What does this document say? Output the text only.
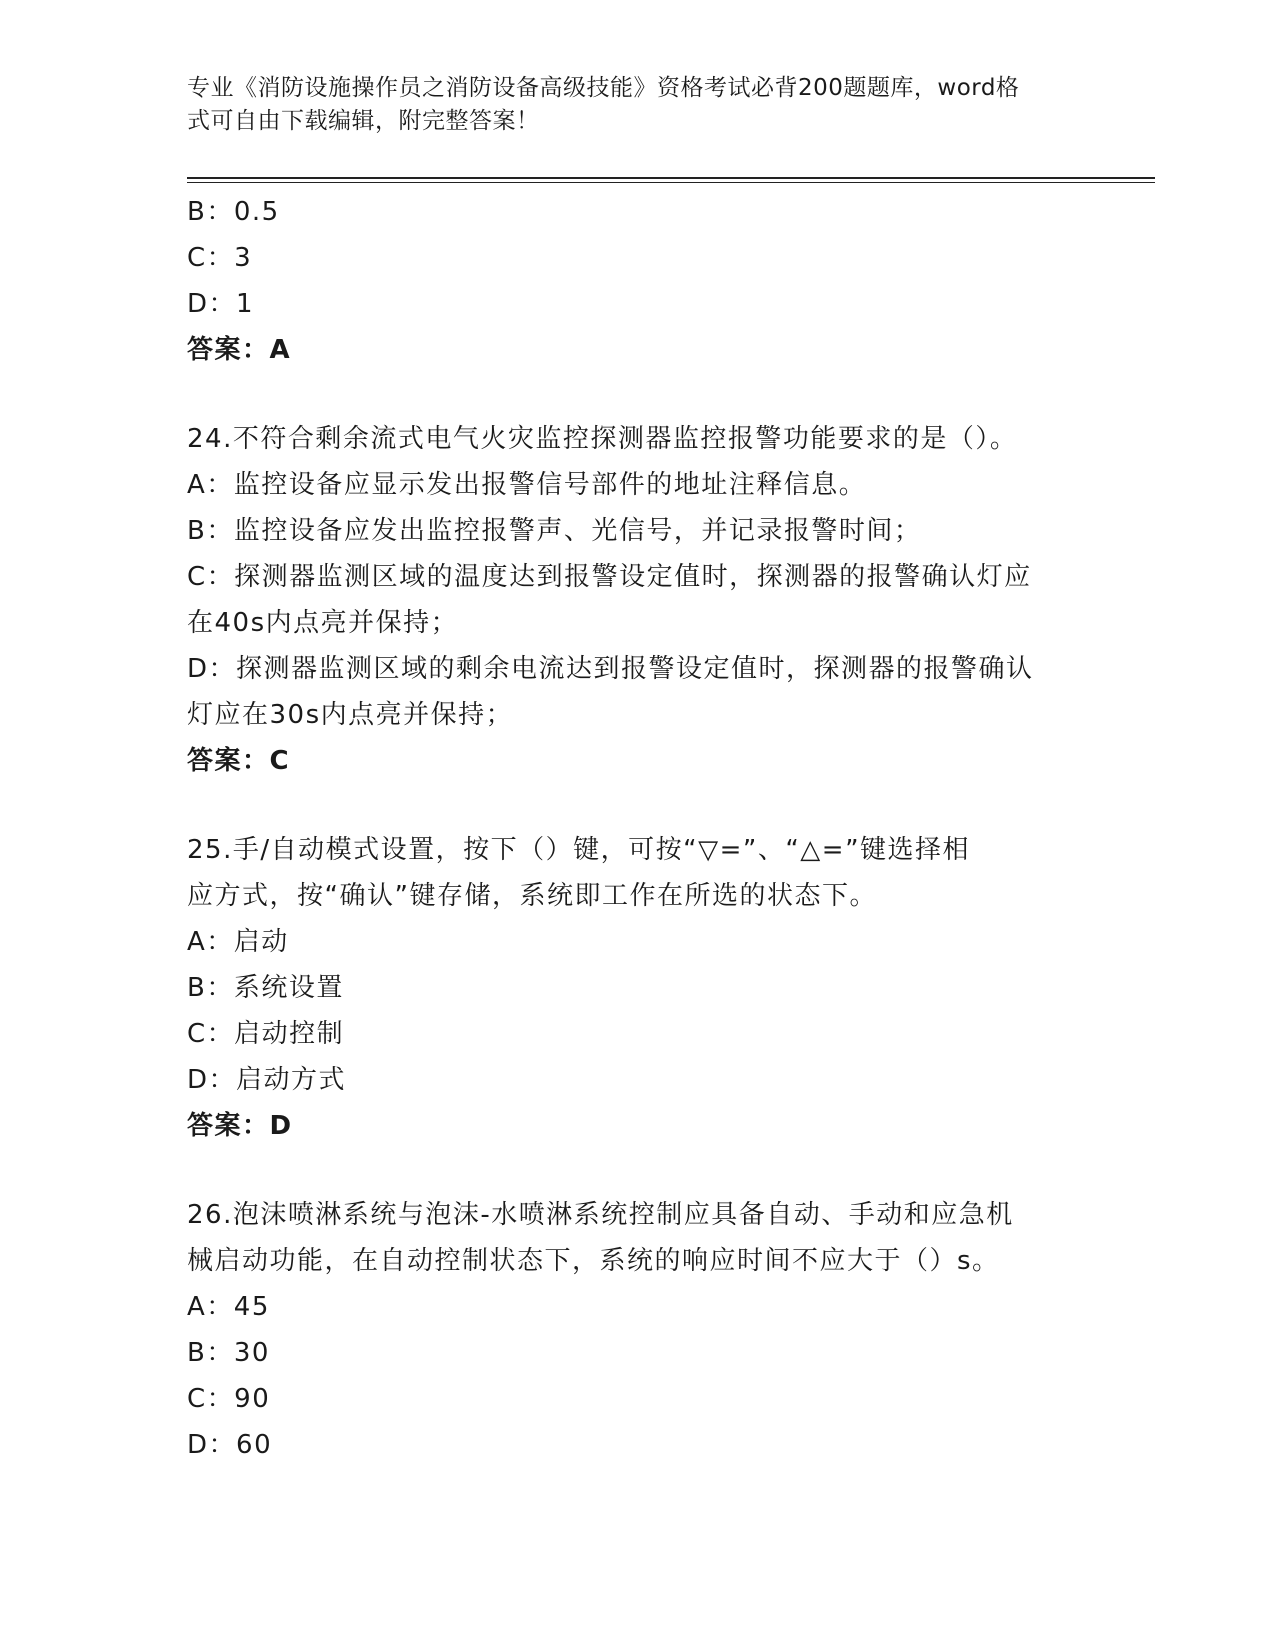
专业《消防设施操作员之消防设备高级技能》资格考试必背200题题库，word格
式可自由下载编辑，附完整答案！
B：0.5
C：3
D：1
答案：A
24.不符合剩余流式电气火灾监控探测器监控报警功能要求的是（）。
A：监控设备应显示发出报警信号部件的地址注释信息。
B：监控设备应发出监控报警声、光信号，并记录报警时间；
C：探测器监测区域的温度达到报警设定值时，探测器的报警确认灯应
在40s内点亮并保持；
D：探测器监测区域的剩余电流达到报警设定值时，探测器的报警确认
灯应在30s内点亮并保持；
答案：C
25.手/自动模式设置，按下（）键，可按“▽=”、“△=”键选择相
应方式，按“确认”键存储，系统即工作在所选的状态下。
A：启动
B：系统设置
C：启动控制
D：启动方式
答案：D
26.泡沫喷淋系统与泡沫-水喷淋系统控制应具备自动、手动和应急机
械启动功能，在自动控制状态下，系统的响应时间不应大于（）s。
A：45
B：30
C：90
D：60
